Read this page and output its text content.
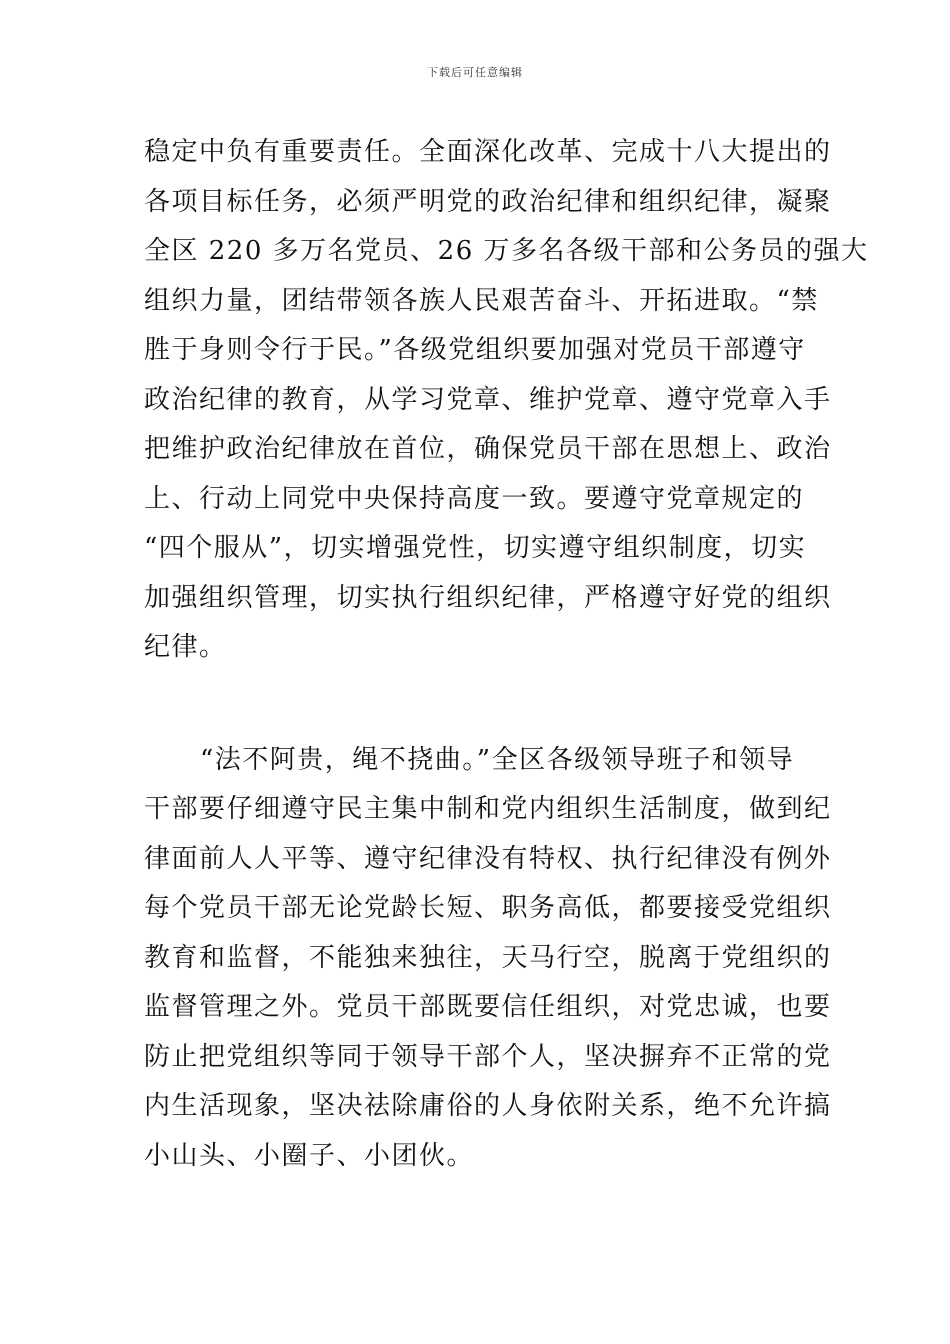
下载后可任意编辑
稳定中负有重要责任。全面深化改革、完成十八大提出的
各项目标任务，必须严明党的政治纪律和组织纪律，凝聚
全区 220 多万名党员、26 万多名各级干部和公务员的强大
组织力量，团结带领各族人民艰苦奋斗、开拓进取。“禁
胜于身则令行于民。”各级党组织要加强对党员干部遵守
政治纪律的教育，从学习党章、维护党章、遵守党章入手
把维护政治纪律放在首位，确保党员干部在思想上、政治
上、行动上同党中央保持高度一致。要遵守党章规定的
“四个服从”，切实增强党性，切实遵守组织制度，切实
加强组织管理，切实执行组织纪律，严格遵守好党的组织
纪律。
“法不阿贵，绳不挠曲。”全区各级领导班子和领导
干部要仔细遵守民主集中制和党内组织生活制度，做到纪
律面前人人平等、遵守纪律没有特权、执行纪律没有例外
每个党员干部无论党龄长短、职务高低，都要接受党组织
教育和监督，不能独来独往，天马行空，脱离于党组织的
监督管理之外。党员干部既要信任组织，对党忠诚，也要
防止把党组织等同于领导干部个人，坚决摒弃不正常的党
内生活现象，坚决祛除庸俗的人身依附关系，绝不允许搞
小山头、小圈子、小团伙。
